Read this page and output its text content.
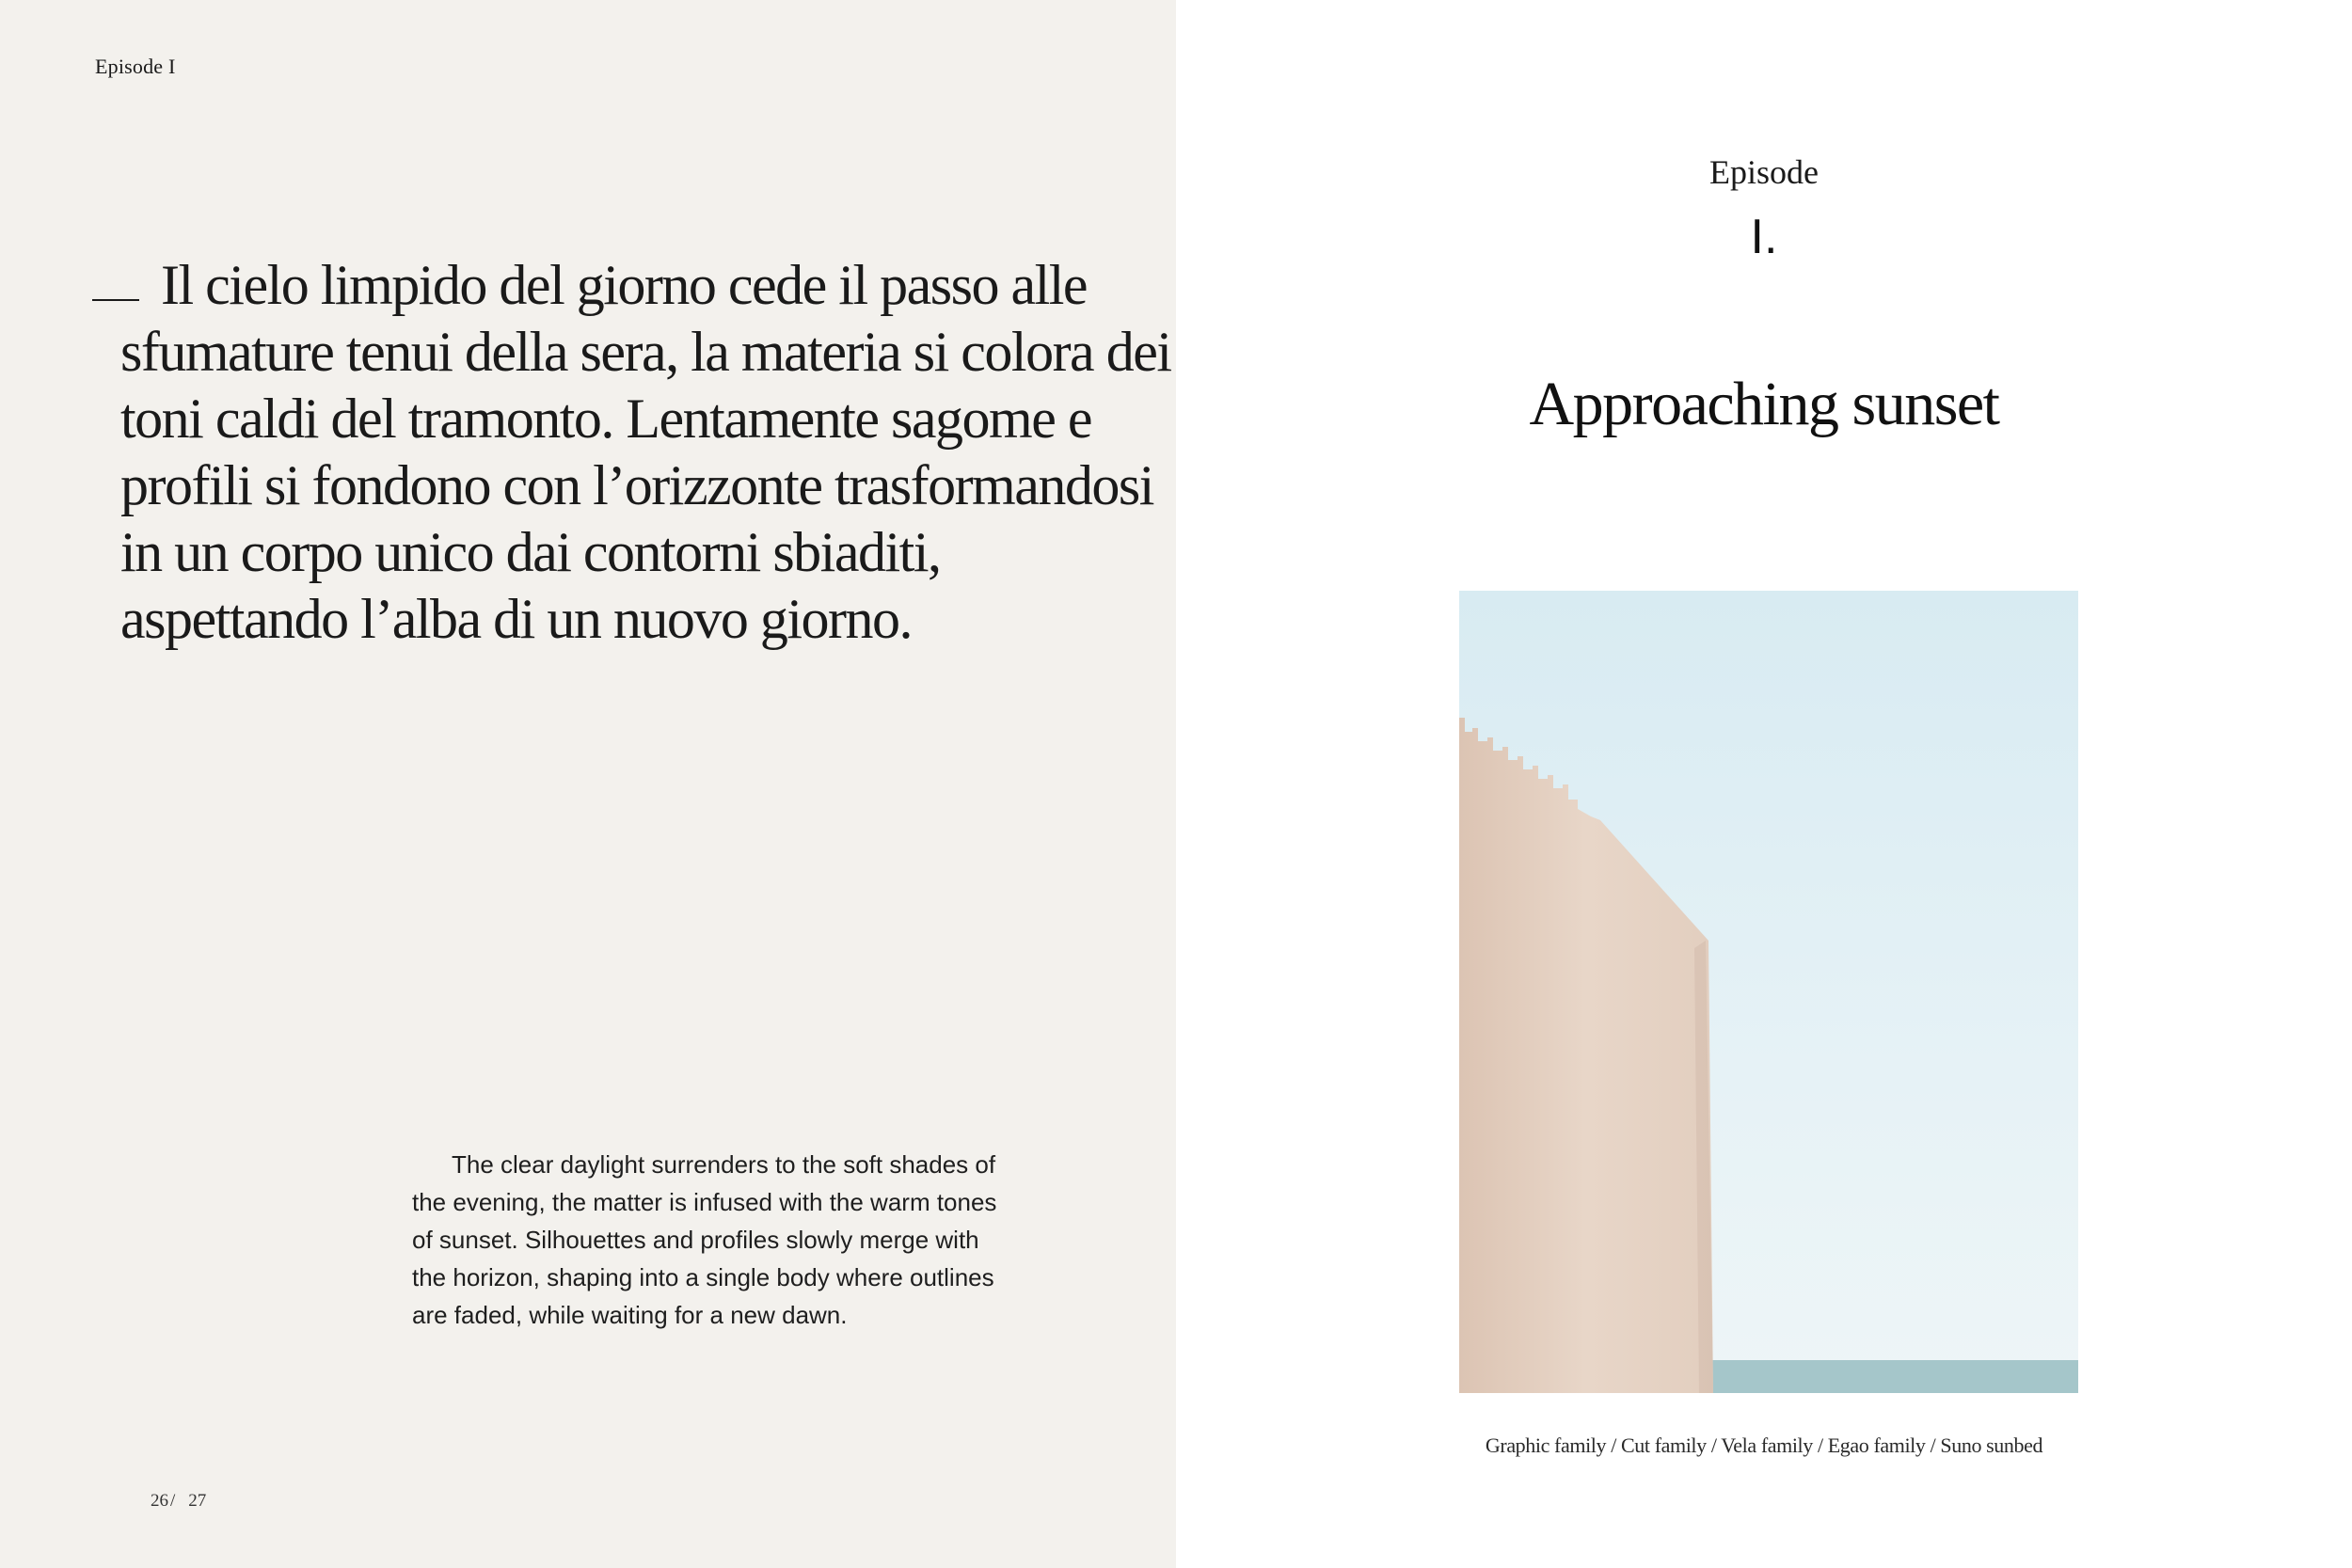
Episode I
Il cielo limpido del giorno cede il passo alle
sfumature tenui della sera, la materia si colora dei
toni caldi del tramonto. Lentamente sagome e
profili si fondono con l’orizzonte trasformandosi
in un corpo unico dai contorni sbiaditi,
aspettando l’alba di un nuovo giorno.
The clear daylight surrenders to the soft shades of
the evening, the matter is infused with the warm tones
of sunset. Silhouettes and profiles slowly merge with
the horizon, shaping into a single body where outlines
are faded, while waiting for a new dawn.
26 / 27
Episode
I.
Approaching sunset
Graphic family / Cut family / Vela family / Egao family / Suno sunbed
